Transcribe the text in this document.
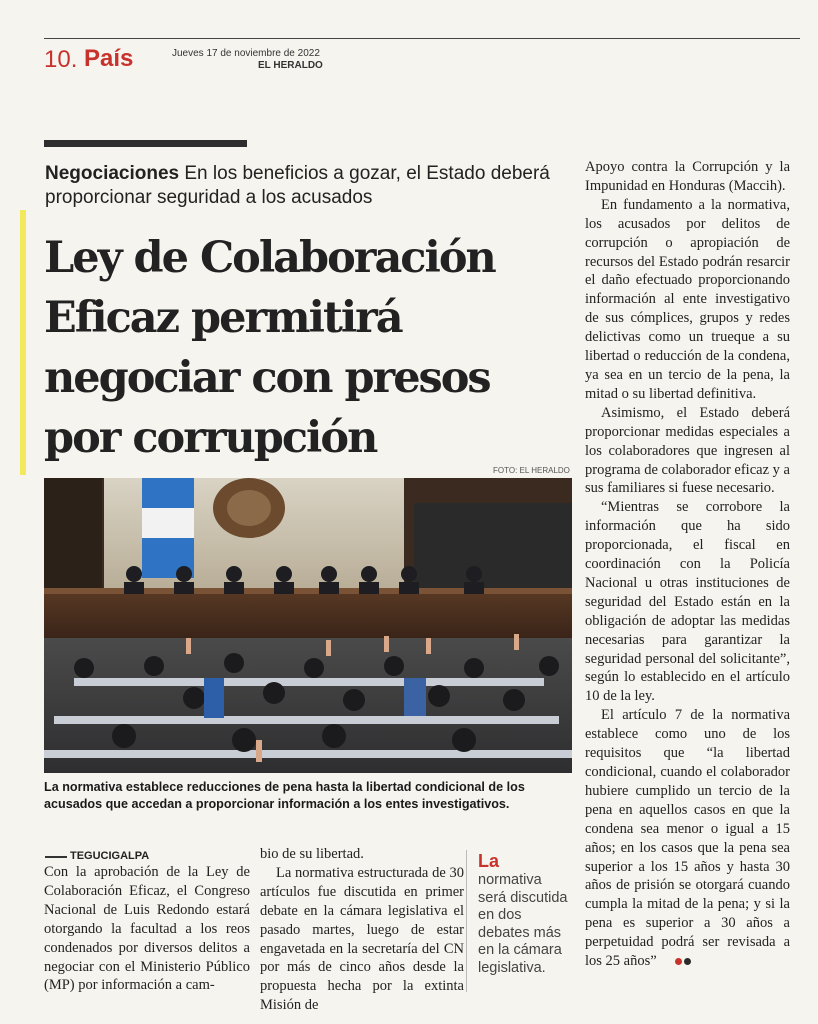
10. País	Jueves 17 de noviembre de 2022
EL HERALDO
Negociaciones En los beneficios a gozar, el Estado deberá proporcionar seguridad a los acusados
Ley de Colaboración
Eficaz permitirá
negociar con presos
por corrupción
FOTO: EL HERALDO
La normativa establece reducciones de pena hasta la libertad condicional de los acusados que accedan a proporcionar información a los entes investigativos.
TEGUCIGALPA

Con la aprobación de la Ley de Colaboración Eficaz, el Congreso Nacional de Luis Redondo estará otorgando la facultad a los reos condenados por diversos delitos a negociar con el Ministerio Público (MP) por información a cam-

bio de su libertad.

La normativa estructurada de 30 artículos fue discutida en primer debate en la cámara legislativa el pasado martes, luego de estar engavetada en la secretaría del CN por más de cinco años desde la propuesta hecha por la extinta Misión de

La
normativa será discutida en dos debates más en la cámara legislativa.

Apoyo contra la Corrupción y la Impunidad en Honduras (Maccih).

En fundamento a la normativa, los acusados por delitos de corrupción o apropiación de recursos del Estado podrán resarcir el daño efectuado proporcionando información al ente investigativo de sus cómplices, grupos y redes delictivas como un trueque a su libertad o reducción de la condena, ya sea en un tercio de la pena, la mitad o su libertad definitiva.

Asimismo, el Estado deberá proporcionar medidas especiales a los colaboradores que ingresen al programa de colaborador eficaz y a sus familiares si fuese necesario.

“Mientras se corrobore la información que ha sido proporcionada, el fiscal en coordinación con la Policía Nacional u otras instituciones de seguridad del Estado están en la obligación de adoptar las medidas necesarias para garantizar la seguridad personal del solicitante”, según lo establecido en el artículo 10 de la ley.

El artículo 7 de la normativa establece como uno de los requisitos que “la libertad condicional, cuando el colaborador hubiere cumplido un tercio de la pena en aquellos casos en que la condena sea menor o igual a 15 años; en los casos que la pena sea superior a los 15 años y hasta 30 años de prisión se otorgará cuando cumpla la mitad de la pena; y si la pena es superior a 30 años a perpetuidad podrá ser revisada a los 25 años”
